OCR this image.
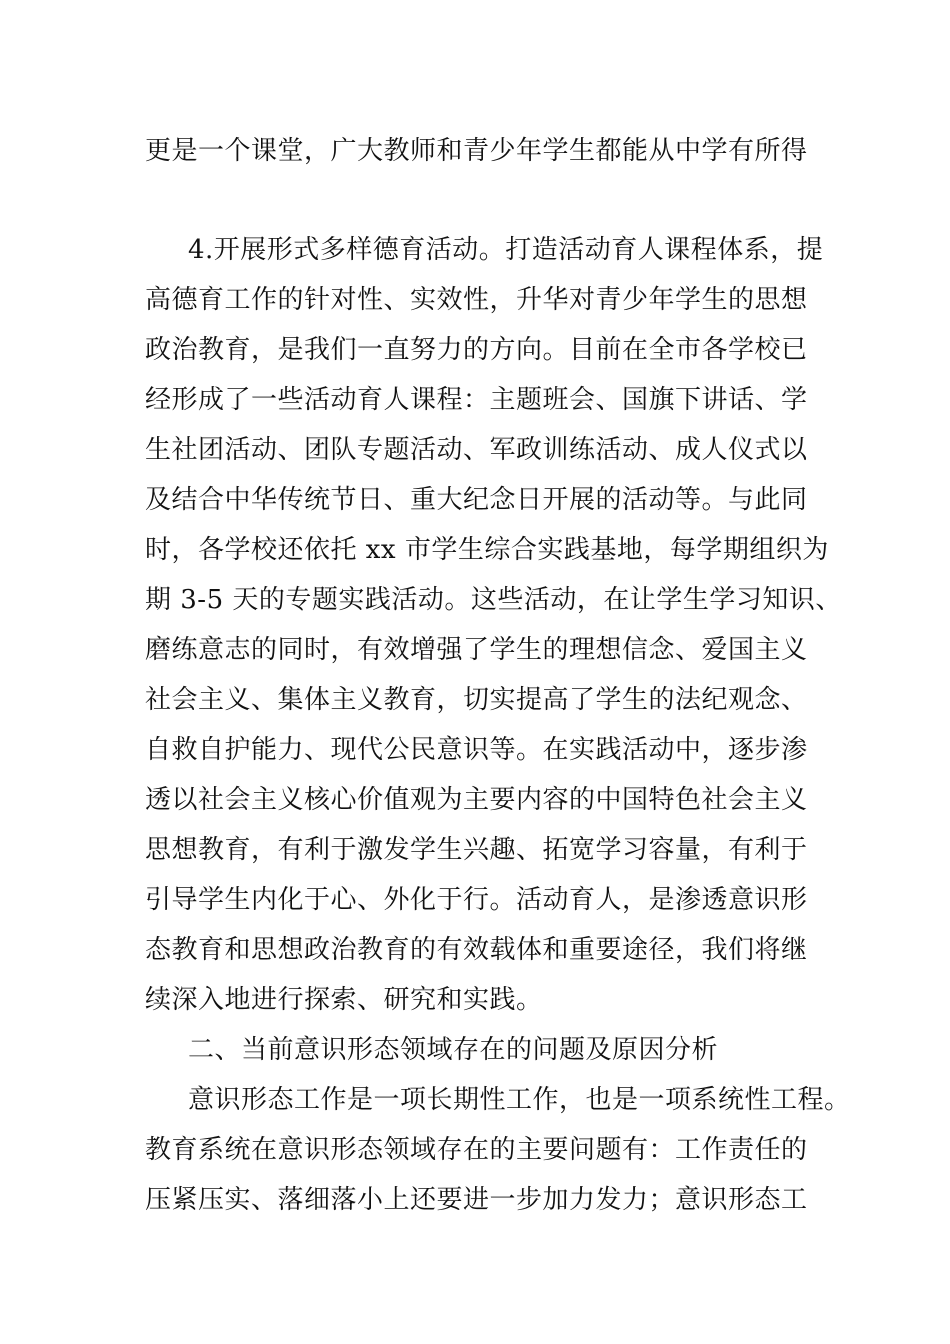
更是一个课堂，广大教师和青少年学生都能从中学有所得
4.开展形式多样德育活动。打造活动育人课程体系，提
高德育工作的针对性、实效性，升华对青少年学生的思想
政治教育，是我们一直努力的方向。目前在全市各学校已
经形成了一些活动育人课程：主题班会、国旗下讲话、学
生社团活动、团队专题活动、军政训练活动、成人仪式以
及结合中华传统节日、重大纪念日开展的活动等。与此同
时，各学校还依托 xx 市学生综合实践基地，每学期组织为
期 3-5 天的专题实践活动。这些活动，在让学生学习知识、
磨练意志的同时，有效增强了学生的理想信念、爱国主义
社会主义、集体主义教育，切实提高了学生的法纪观念、
自救自护能力、现代公民意识等。在实践活动中，逐步渗
透以社会主义核心价值观为主要内容的中国特色社会主义
思想教育，有利于激发学生兴趣、拓宽学习容量，有利于
引导学生内化于心、外化于行。活动育人，是渗透意识形
态教育和思想政治教育的有效载体和重要途径，我们将继
续深入地进行探索、研究和实践。
二、当前意识形态领域存在的问题及原因分析
意识形态工作是一项长期性工作，也是一项系统性工程。
教育系统在意识形态领域存在的主要问题有：工作责任的
压紧压实、落细落小上还要进一步加力发力；意识形态工
